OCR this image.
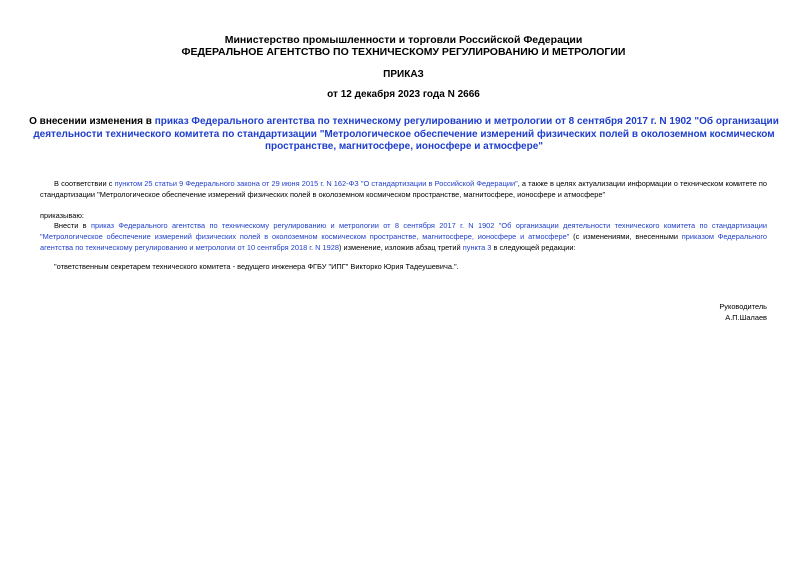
Министерство промышленности и торговли Российской Федерации
ФЕДЕРАЛЬНОЕ АГЕНТСТВО ПО ТЕХНИЧЕСКОМУ РЕГУЛИРОВАНИЮ И МЕТРОЛОГИИ
ПРИКАЗ
от 12 декабря 2023 года N 2666
О внесении изменения в приказ Федерального агентства по техническому регулированию и метрологии от 8 сентября 2017 г. N 1902 "Об организации деятельности технического комитета по стандартизации "Метрологическое обеспечение измерений физических полей в околоземном космическом пространстве, магнитосфере, ионосфере и атмосфере"
В соответствии с пунктом 25 статьи 9 Федерального закона от 29 июня 2015 г. N 162-ФЗ "О стандартизации в Российской Федерации", а также в целях актуализации информации о техническом комитете по стандартизации "Метрологическое обеспечение измерений физических полей в околоземном космическом пространстве, магнитосфере, ионосфере и атмосфере"
приказываю:
Внести в приказ Федерального агентства по техническому регулированию и метрологии от 8 сентября 2017 г. N 1902 "Об организации деятельности технического комитета по стандартизации "Метрологическое обеспечение измерений физических полей в околоземном космическом пространстве, магнитосфере, ионосфере и атмосфере" (с изменениями, внесенными приказом Федерального агентства по техническому регулированию и метрологии от 10 сентября 2018 г. N 1928) изменение, изложив абзац третий пункта 3 в следующей редакции:
"ответственным секретарем технического комитета - ведущего инженера ФГБУ "ИПГ" Викторко Юрия Тадеушевича.".
Руководитель
А.П.Шалаев
